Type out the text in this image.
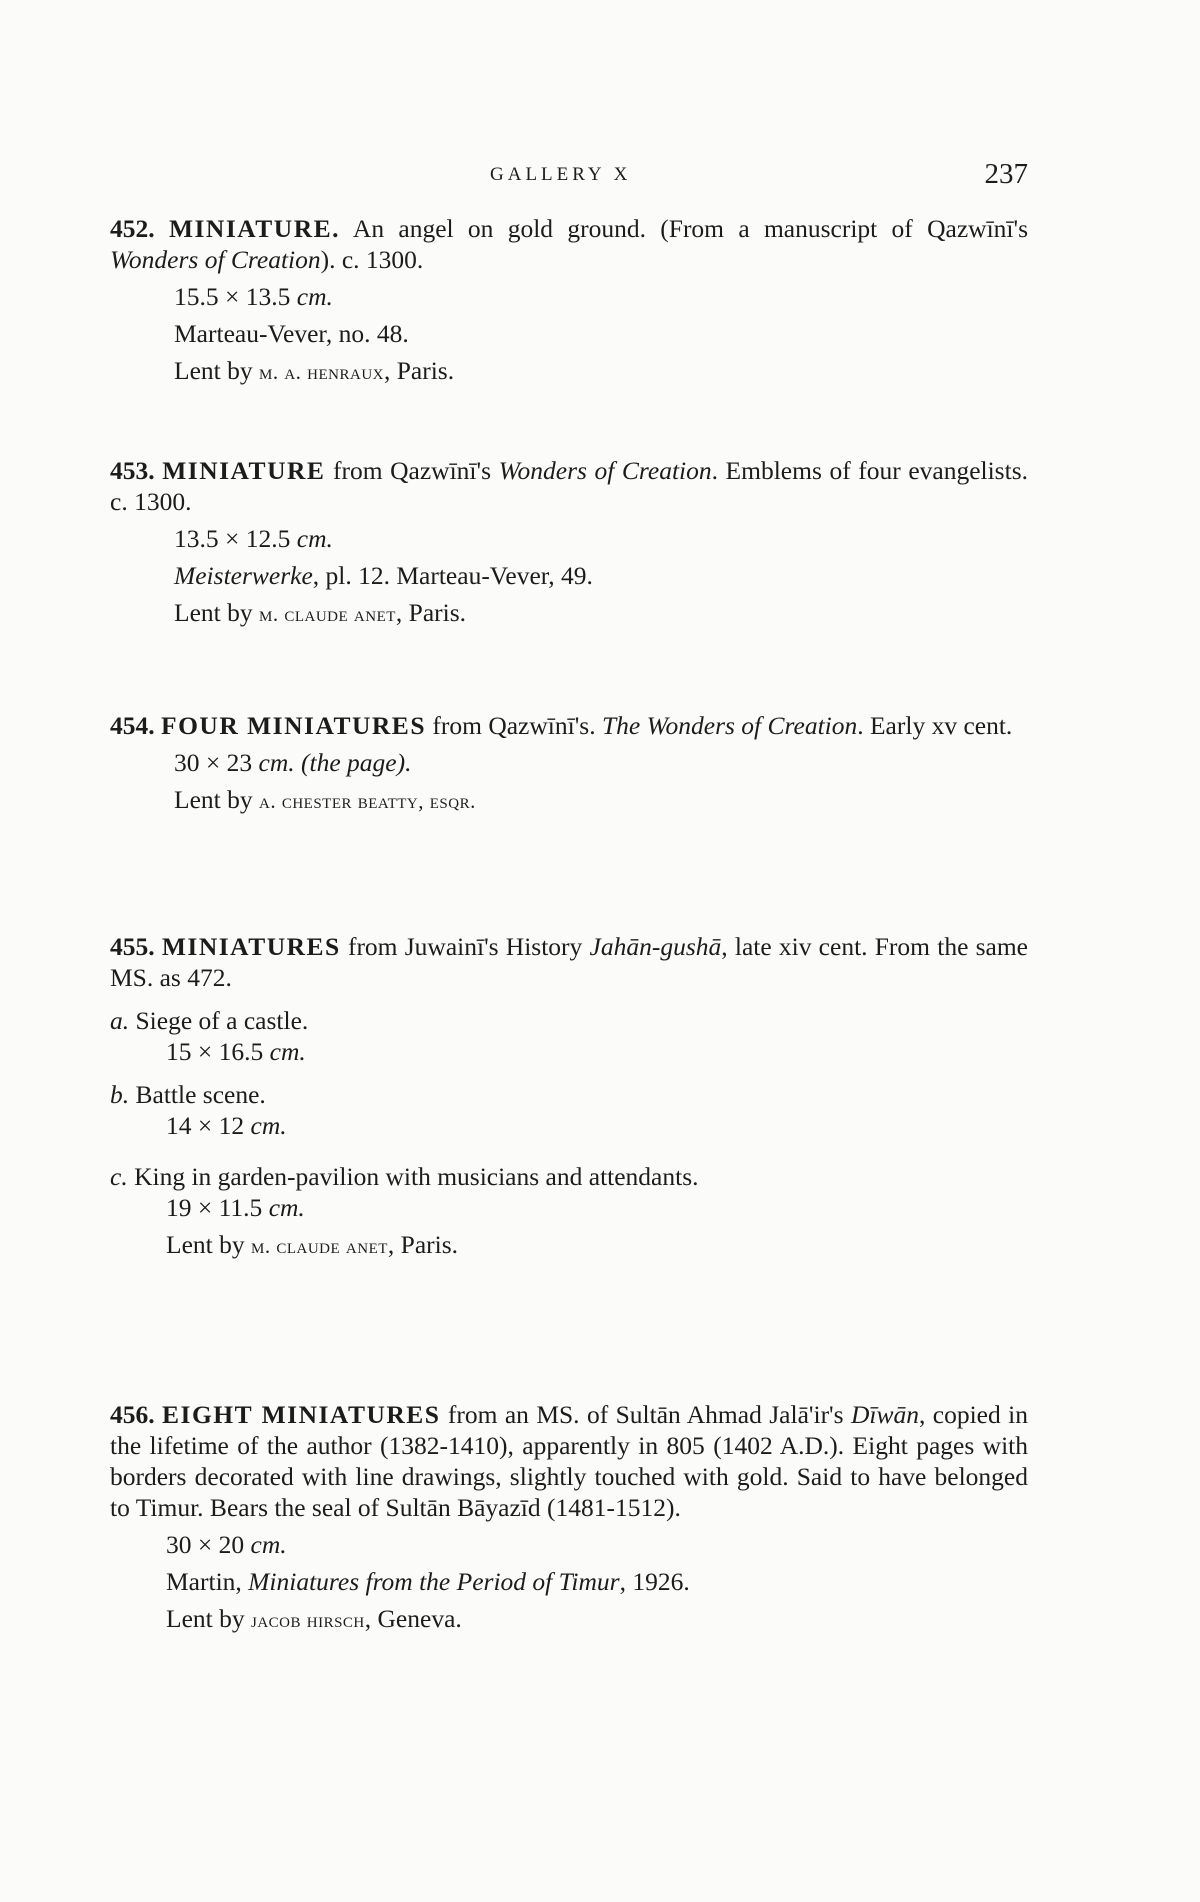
GALLERY X	237

452. MINIATURE. An angel on gold ground. (From a manuscript of Qazwīnī's Wonders of Creation). c. 1300.

15.5 × 13.5 cm.

Marteau-Vever, no. 48.

Lent by m. a. henraux, Paris.

453. MINIATURE from Qazwīnī's Wonders of Creation. Emblems of four evangelists. c. 1300.

13.5 × 12.5 cm.

Meisterwerke, pl. 12. Marteau-Vever, 49.

Lent by m. claude anet, Paris.

454. FOUR MINIATURES from Qazwīnī's. The Wonders of Creation. Early xv cent.

30 × 23 cm. (the page).

Lent by a. chester beatty, esqr.

455. MINIATURES from Juwainī's History Jahān-gushā, late xiv cent. From the same MS. as 472.

a. Siege of a castle.

15 × 16.5 cm.

b. Battle scene.

14 × 12 cm.

c. King in garden-pavilion with musicians and attendants.

19 × 11.5 cm.

Lent by m. claude anet, Paris.

456. EIGHT MINIATURES from an MS. of Sultān Ahmad Jalā'ir's Dīwān, copied in the lifetime of the author (1382-1410), apparently in 805 (1402 A.D.). Eight pages with borders decorated with line drawings, slightly touched with gold. Said to have belonged to Timur. Bears the seal of Sultān Bāyazīd (1481-1512).

30 × 20 cm.

Martin, Miniatures from the Period of Timur, 1926.

Lent by jacob hirsch, Geneva.
